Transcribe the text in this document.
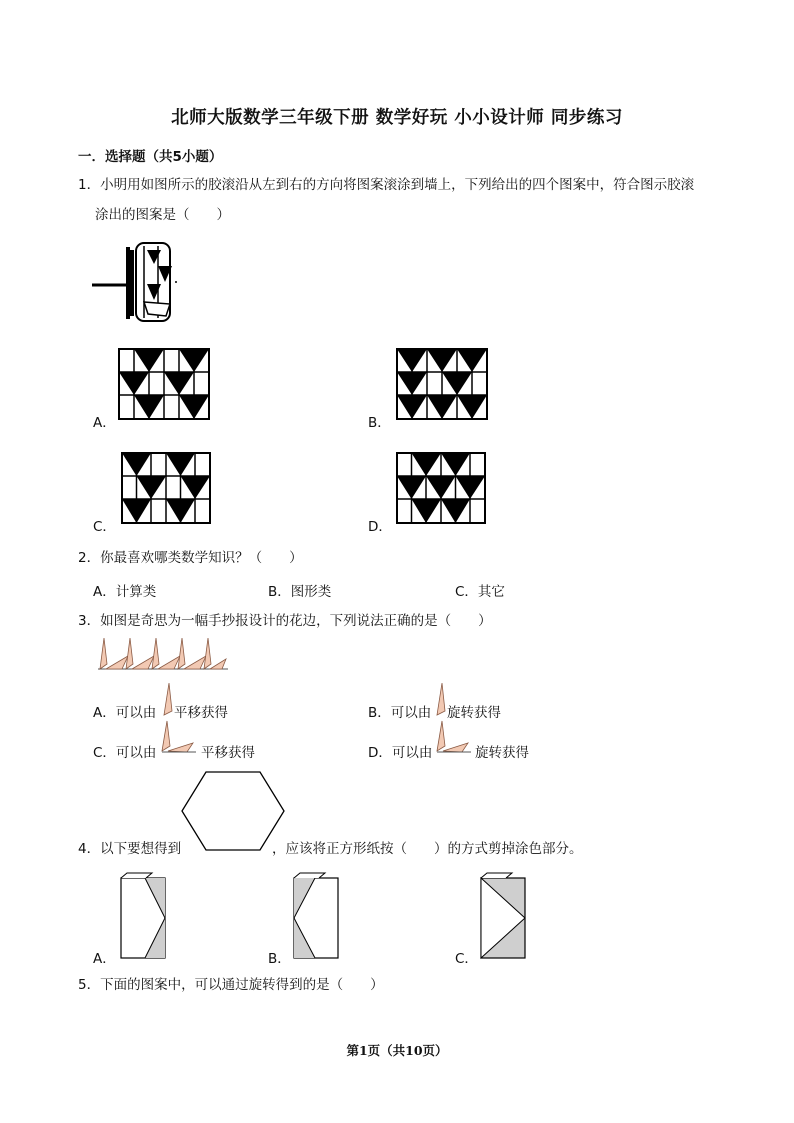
北师大版数学三年级下册 数学好玩 小小设计师 同步练习
一．选择题（共5小题）
1．小明用如图所示的胶滚沿从左到右的方向将图案滚涂到墙上，下列给出的四个图案中，符合图示胶滚
涂出的图案是（　　）
A．	B．
C．	D．
2．你最喜欢哪类数学知识？（　　）
A．计算类	B．图形类	C．其它
3．如图是奇思为一幅手抄报设计的花边，下列说法正确的是（　　）
A．可以由 平移获得	B．可以由 旋转获得
C．可以由	平移获得	D．可以由	旋转获得
4．以下要想得到	，应该将正方形纸按（　　）的方式剪掉涂色部分。
A．	B．	C．
5．下面的图案中，可以通过旋转得到的是（　　）
第1页（共10页）
